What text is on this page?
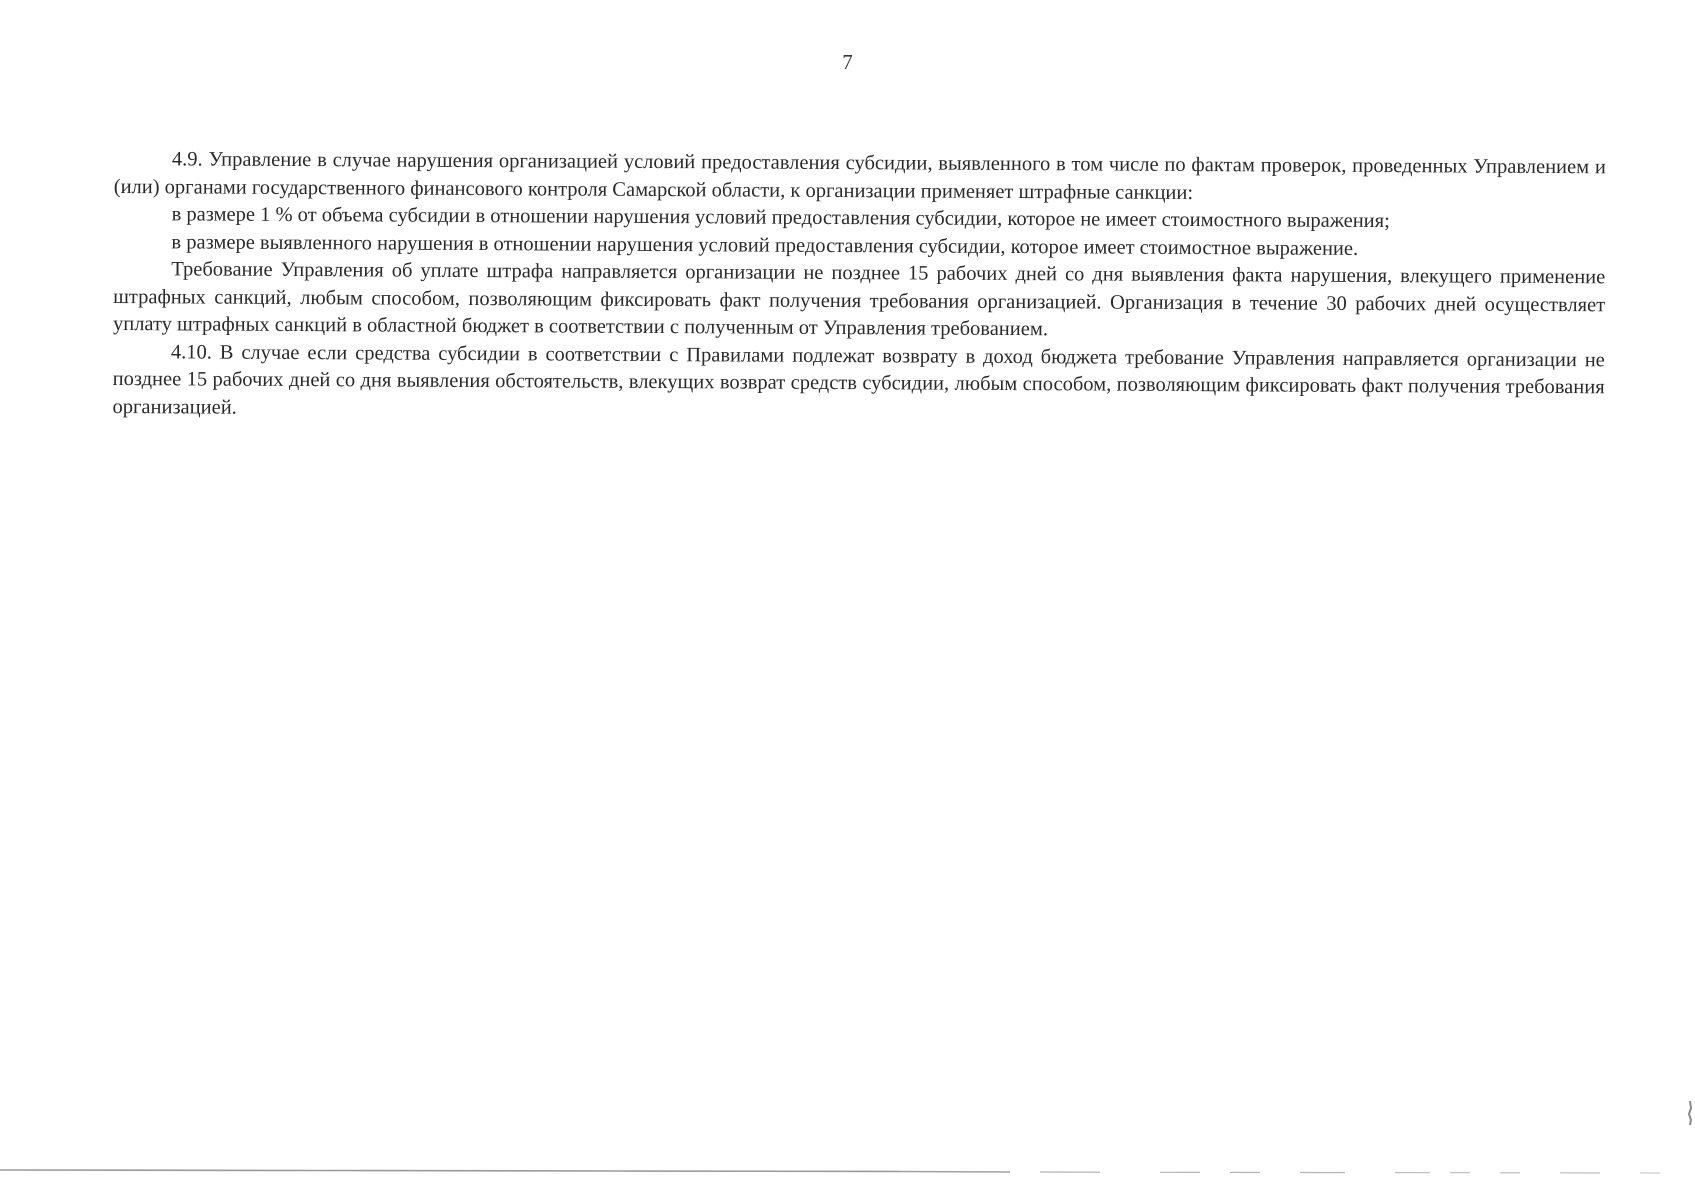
7

4.9. Управление в случае нарушения организацией условий предоставления субсидии, выявленного в том числе по фактам проверок, проведенных Управлением и (или) органами государственного финансового контроля Самарской области, к организации применяет штрафные санкции:

в размере 1 % от объема субсидии в отношении нарушения условий предоставления субсидии, которое не имеет стоимостного выражения;

в размере выявленного нарушения в отношении нарушения условий предоставления субсидии, которое имеет стоимостное выражение.

Требование Управления об уплате штрафа направляется организации не позднее 15 рабочих дней со дня выявления факта нарушения, влекущего применение штрафных санкций, любым способом, позволяющим фиксировать факт получения требования организацией. Организация в течение 30 рабочих дней осуществляет уплату штрафных санкций в областной бюджет в соответствии с полученным от Управления требованием.

4.10. В случае если средства субсидии в соответствии с Правилами подлежат возврату в доход бюджета требование Управления направляется организации не позднее 15 рабочих дней со дня выявления обстоятельств, влекущих возврат средств субсидии, любым способом, позволяющим фиксировать факт получения требования организацией.
